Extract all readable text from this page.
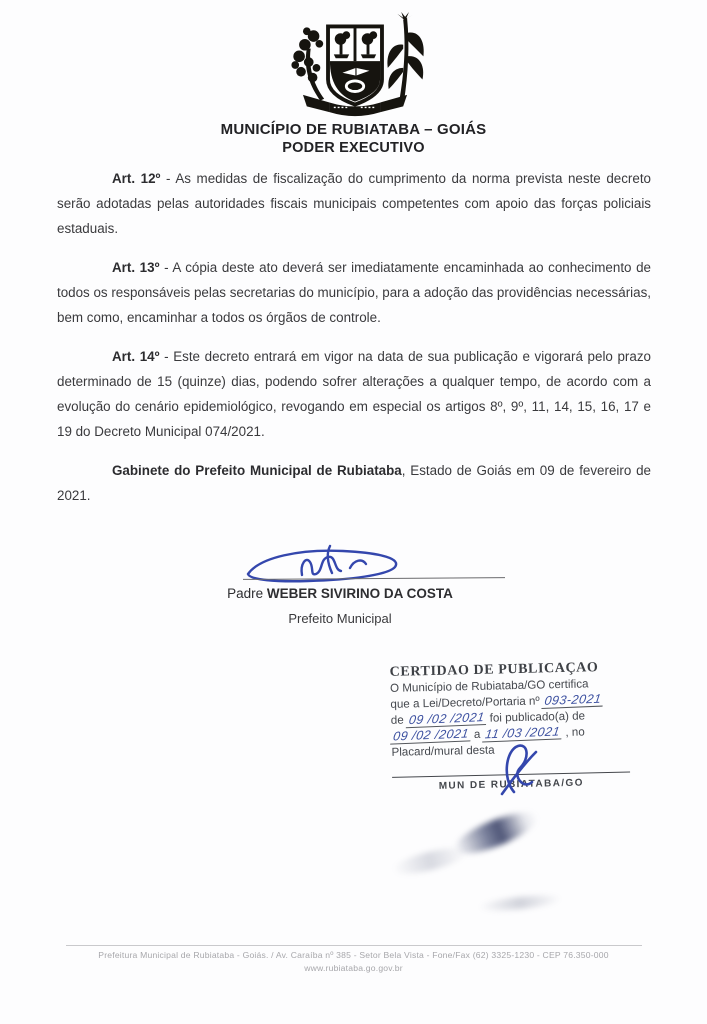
MUNICÍPIO DE RUBIATABA – GOIÁS
PODER EXECUTIVO

Art. 12º - As medidas de fiscalização do cumprimento da norma prevista neste decreto serão adotadas pelas autoridades fiscais municipais competentes com apoio das forças policiais estaduais.

Art. 13º - A cópia deste ato deverá ser imediatamente encaminhada ao conhecimento de todos os responsáveis pelas secretarias do município, para a adoção das providências necessárias, bem como, encaminhar a todos os órgãos de controle.

Art. 14º - Este decreto entrará em vigor na data de sua publicação e vigorará pelo prazo determinado de 15 (quinze) dias, podendo sofrer alterações a qualquer tempo, de acordo com a evolução do cenário epidemiológico, revogando em especial os artigos 8º, 9º, 11, 14, 15, 16, 17 e 19 do Decreto Municipal 074/2021.

Gabinete do Prefeito Municipal de Rubiataba, Estado de Goiás em 09 de fevereiro de 2021.

Padre WEBER SIVIRINO DA COSTA
Prefeito Municipal
CERTIDAO DE PUBLICAÇAO
O Município de Rubiataba/GO certifica
que a Lei/Decreto/Portaria nº 093-2021
de 09 /02 /2021 foi publicado(a) de
09 /02 /2021 a 11 /03 /2021 , no
Placard/mural desta
MUN DE RUBIATABA/GO
Prefeitura Municipal de Rubiataba - Goiás. / Av. Caraíba nº 385 - Setor Bela Vista - Fone/Fax (62) 3325-1230 - CEP 76.350-000
www.rubiataba.go.gov.br
